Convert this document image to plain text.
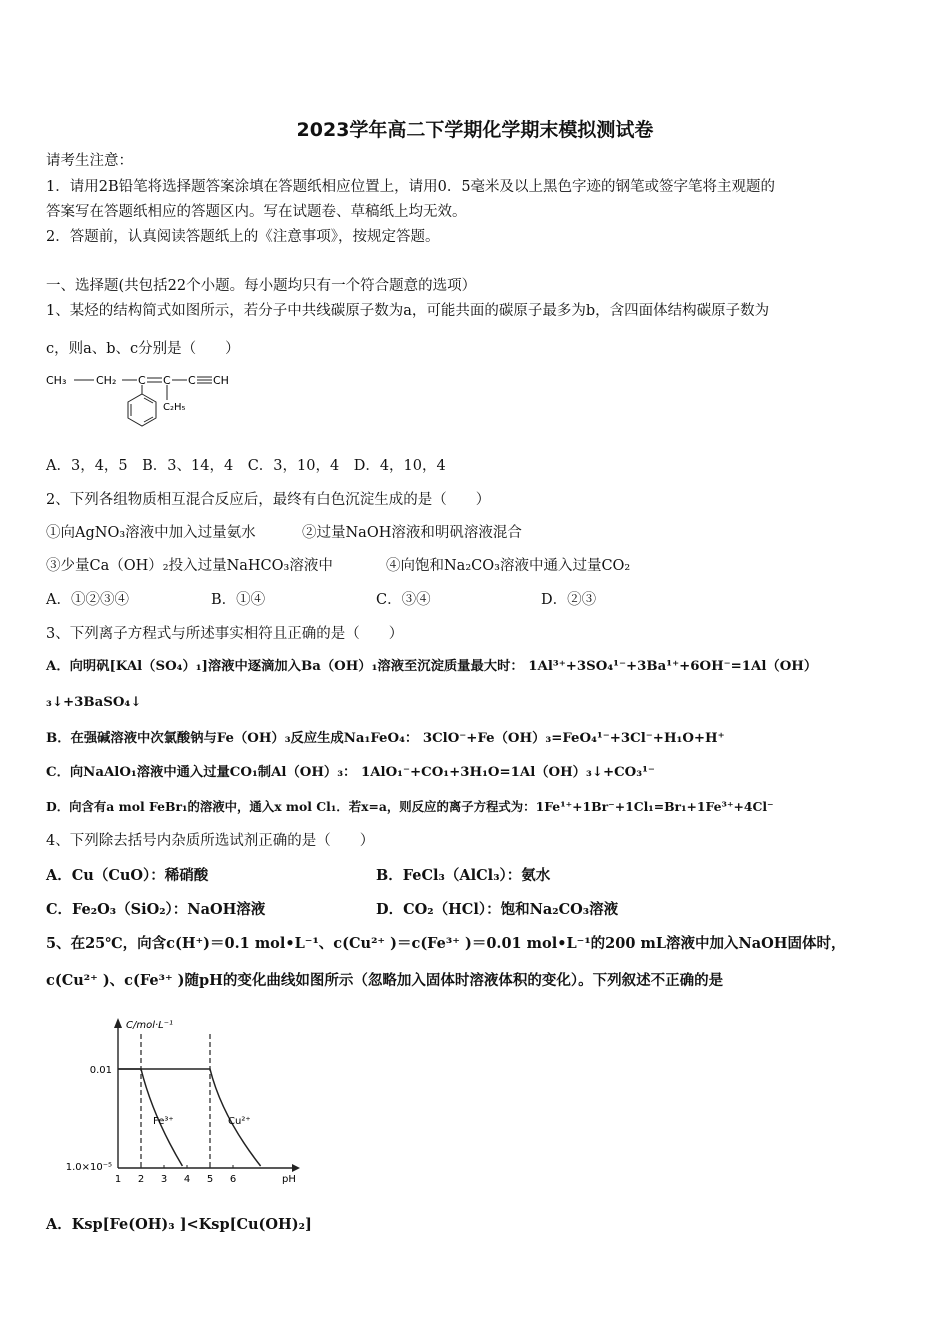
2023学年高二下学期化学期末模拟测试卷
请考生注意：
1．请用2B铅笔将选择题答案涂填在答题纸相应位置上，请用0．5毫米及以上黑色字迹的钢笔或签字笔将主观题的
答案写在答题纸相应的答题区内。写在试题卷、草稿纸上均无效。
2．答题前，认真阅读答题纸上的《注意事项》，按规定答题。
一、选择题(共包括22个小题。每小题均只有一个符合题意的选项）
1、某烃的结构简式如图所示，若分子中共线碳原子数为a，可能共面的碳原子最多为b，含四面体结构碳原子数为
c，则a、b、c分别是（　　）
CH₃	CH₂ C C C CH
C₂H₅
A．3，4，5　B．3、14，4　C．3，10，4　D．4，10，4
2、下列各组物质相互混合反应后，最终有白色沉淀生成的是（　　）
①向AgNO₃溶液中加入过量氨水	②过量NaOH溶液和明矾溶液混合
③少量Ca（OH）₂投入过量NaHCO₃溶液中	④向饱和Na₂CO₃溶液中通入过量CO₂
A．①②③④	B．①④	C．③④	D．②③
3、下列离子方程式与所述事实相符且正确的是（　　）
A．向明矾[KAl（SO₄）₁]溶液中逐滴加入Ba（OH）₁溶液至沉淀质量最大时： 1Al³⁺+3SO₄¹⁻+3Ba¹⁺+6OH⁻=1Al（OH）
₃↓+3BaSO₄↓
B．在强碱溶液中次氯酸钠与Fe（OH）₃反应生成Na₁FeO₄： 3ClO⁻+Fe（OH）₃=FeO₄¹⁻+3Cl⁻+H₁O+H⁺
C．向NaAlO₁溶液中通入过量CO₁制Al（OH）₃： 1AlO₁⁻+CO₁+3H₁O=1Al（OH）₃↓+CO₃¹⁻
D．向含有a mol FeBr₁的溶液中，通入x mol Cl₁．若x=a，则反应的离子方程式为：1Fe¹⁺+1Br⁻+1Cl₁=Br₁+1Fe³⁺+4Cl⁻
4、下列除去括号内杂质所选试剂正确的是（　　）
A．Cu（CuO）：稀硝酸	B．FeCl₃（AlCl₃）：氨水
C．Fe₂O₃（SiO₂）：NaOH溶液	D．CO₂（HCl）：饱和Na₂CO₃溶液
5、在25℃，向含c(H⁺)＝0.1 mol•L⁻¹、c(Cu²⁺ )＝c(Fe³⁺ )＝0.01 mol•L⁻¹的200 mL溶液中加入NaOH固体时，
c(Cu²⁺ )、c(Fe³⁺ )随pH的变化曲线如图所示（忽略加入固体时溶液体积的变化）。下列叙述不正确的是
C/mol·L⁻¹
pH
0.01
1.0×10⁻⁵
1 2 3 4 5 6
Fe³⁺	Cu²⁺
A．Ksp[Fe(OH)₃ ]<Ksp[Cu(OH)₂]
